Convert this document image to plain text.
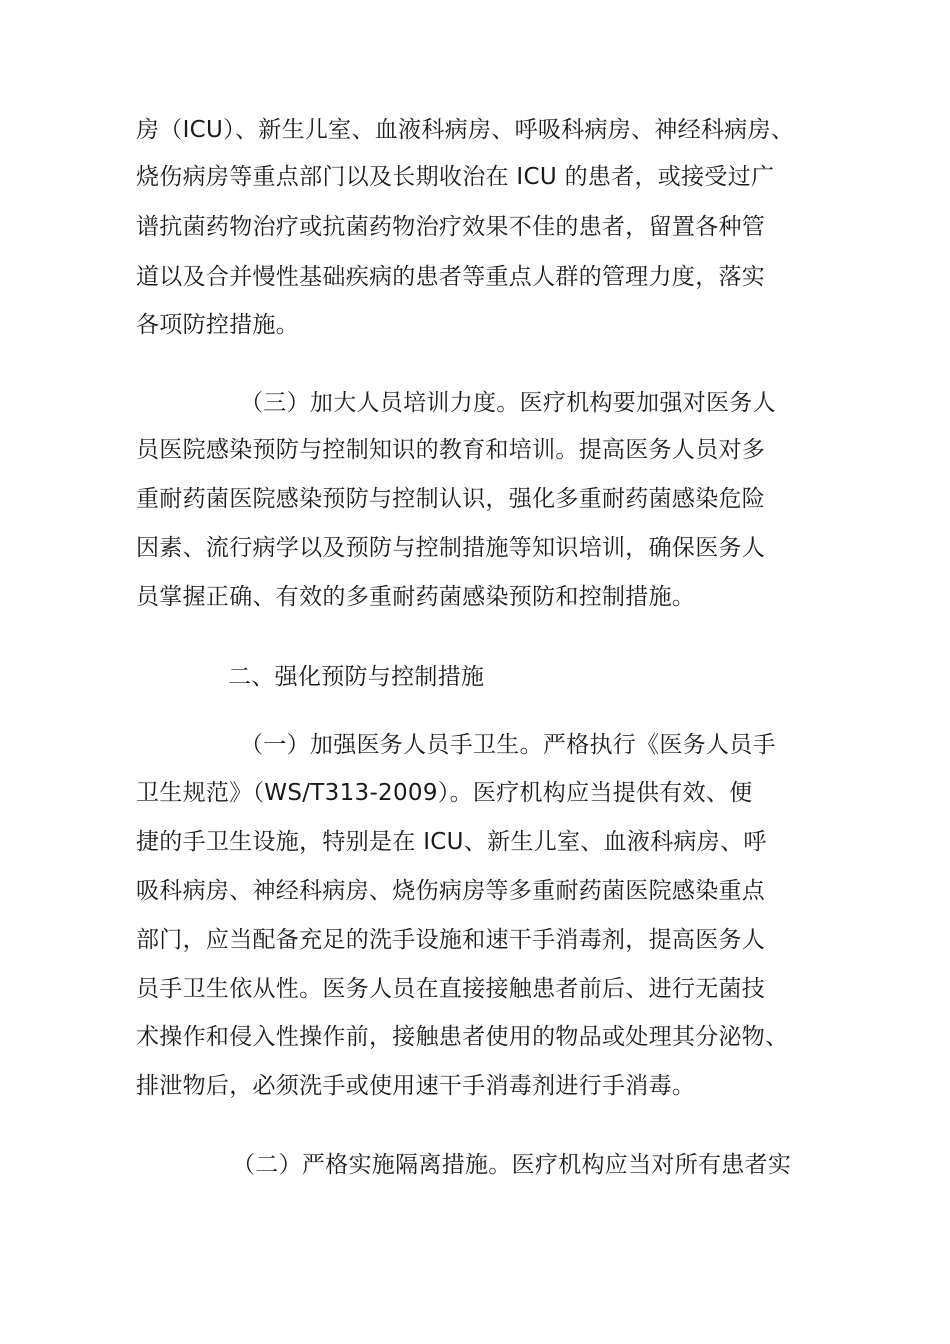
房（ICU）、新生儿室、血液科病房、呼吸科病房、神经科病房、
烧伤病房等重点部门以及长期收治在 ICU 的患者，或接受过广
谱抗菌药物治疗或抗菌药物治疗效果不佳的患者，留置各种管
道以及合并慢性基础疾病的患者等重点人群的管理力度，落实
各项防控措施。
（三）加大人员培训力度。医疗机构要加强对医务人
员医院感染预防与控制知识的教育和培训。提高医务人员对多
重耐药菌医院感染预防与控制认识，强化多重耐药菌感染危险
因素、流行病学以及预防与控制措施等知识培训，确保医务人
员掌握正确、有效的多重耐药菌感染预防和控制措施。
二、强化预防与控制措施
（一）加强医务人员手卫生。严格执行《医务人员手
卫生规范》（WS/T313-2009）。医疗机构应当提供有效、便
捷的手卫生设施，特别是在 ICU、新生儿室、血液科病房、呼
吸科病房、神经科病房、烧伤病房等多重耐药菌医院感染重点
部门，应当配备充足的洗手设施和速干手消毒剂，提高医务人
员手卫生依从性。医务人员在直接接触患者前后、进行无菌技
术操作和侵入性操作前，接触患者使用的物品或处理其分泌物、
排泄物后，必须洗手或使用速干手消毒剂进行手消毒。
（二）严格实施隔离措施。医疗机构应当对所有患者实
